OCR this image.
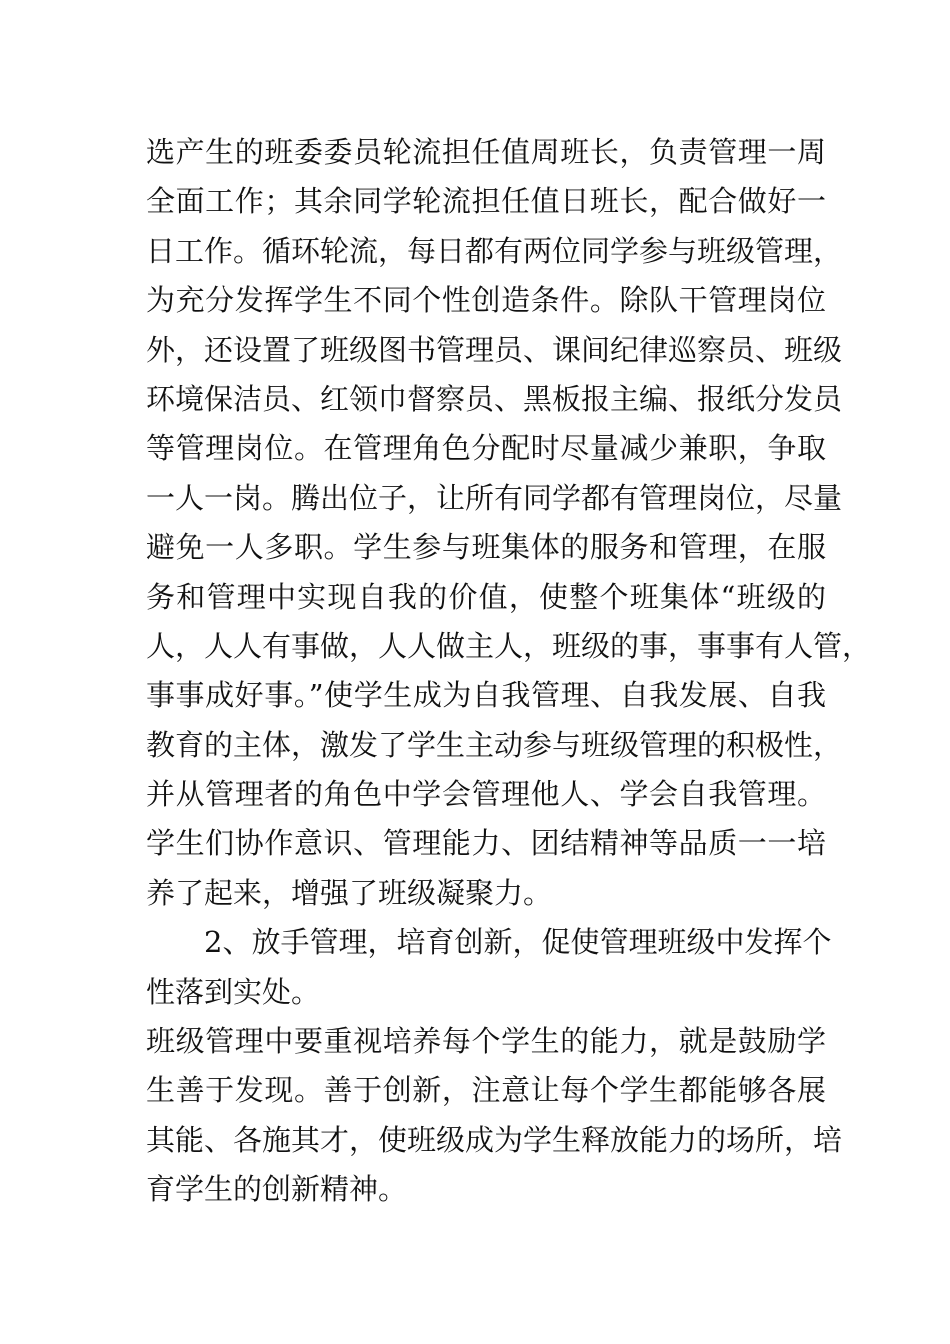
选产生的班委委员轮流担任值周班长，负责管理一周
全面工作；其余同学轮流担任值日班长，配合做好一
日工作。循环轮流，每日都有两位同学参与班级管理，
为充分发挥学生不同个性创造条件。除队干管理岗位
外，还设置了班级图书管理员、课间纪律巡察员、班级
环境保洁员、红领巾督察员、黑板报主编、报纸分发员
等管理岗位。在管理角色分配时尽量减少兼职，争取
一人一岗。腾出位子，让所有同学都有管理岗位，尽量
避免一人多职。学生参与班集体的服务和管理，在服
务和管理中实现自我的价值，使整个班集体“班级的
人，人人有事做，人人做主人，班级的事，事事有人管，
事事成好事。”使学生成为自我管理、自我发展、自我
教育的主体，激发了学生主动参与班级管理的积极性，
并从管理者的角色中学会管理他人、学会自我管理。
学生们协作意识、管理能力、团结精神等品质一一培
养了起来，增强了班级凝聚力。
2、放手管理，培育创新，促使管理班级中发挥个
性落到实处。
班级管理中要重视培养每个学生的能力，就是鼓励学
生善于发现。善于创新，注意让每个学生都能够各展
其能、各施其才，使班级成为学生释放能力的场所，培
育学生的创新精神。
